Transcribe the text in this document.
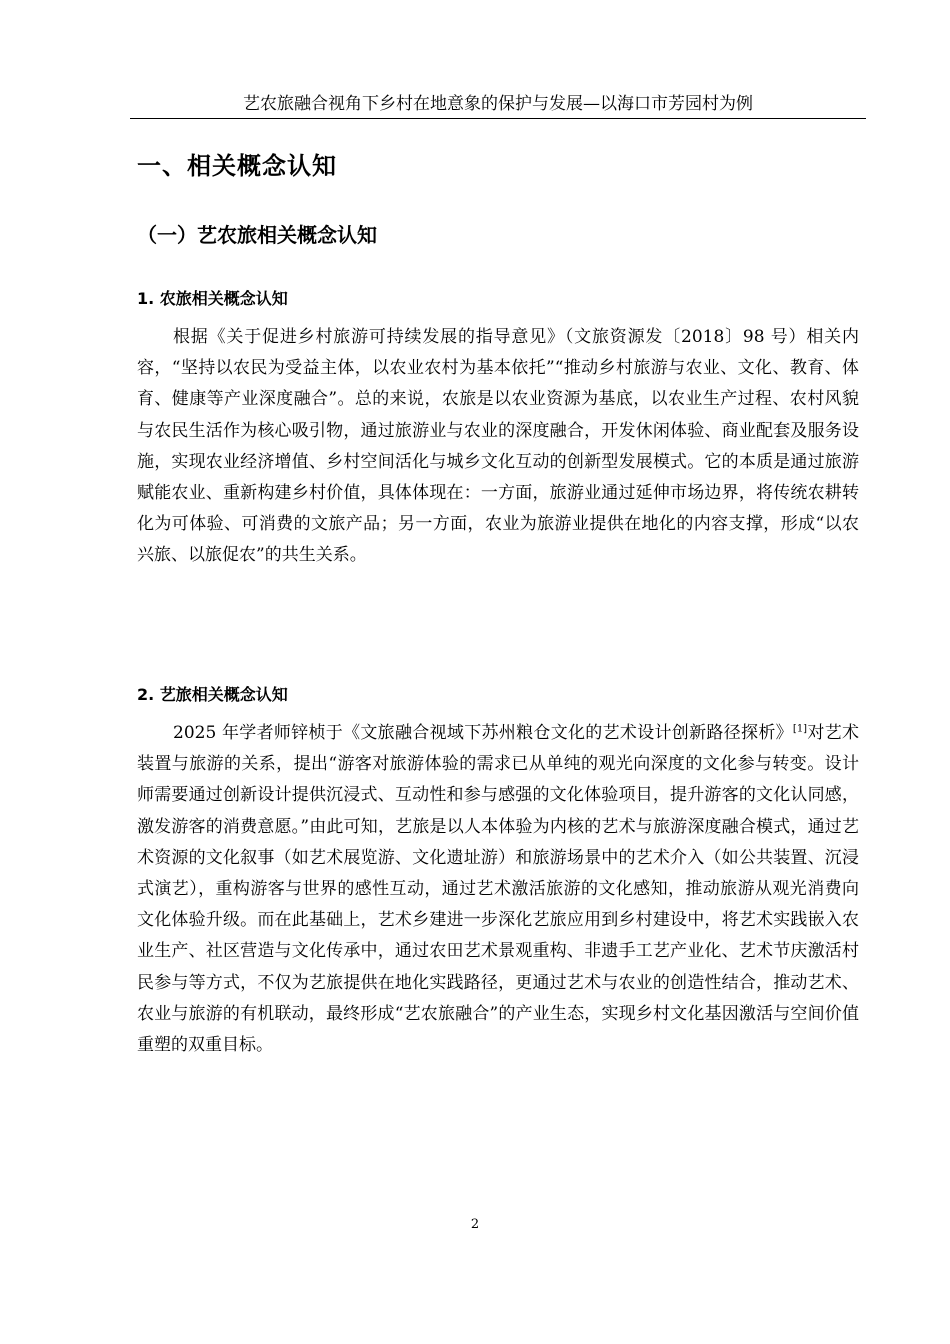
艺农旅融合视角下乡村在地意象的保护与发展—以海口市芳园村为例
一、相关概念认知
（一）艺农旅相关概念认知
1. 农旅相关概念认知

根据《关于促进乡村旅游可持续发展的指导意见》（文旅资源发〔2018〕98 号）相关内容，“坚持以农民为受益主体，以农业农村为基本依托”“推动乡村旅游与农业、文化、教育、体育、健康等产业深度融合”。总的来说，农旅是以农业资源为基底，以农业生产过程、农村风貌与农民生活作为核心吸引物，通过旅游业与农业的深度融合，开发休闲体验、商业配套及服务设施，实现农业经济增值、乡村空间活化与城乡文化互动的创新型发展模式。它的本质是通过旅游赋能农业、重新构建乡村价值，具体体现在：一方面，旅游业通过延伸市场边界，将传统农耕转化为可体验、可消费的文旅产品；另一方面，农业为旅游业提供在地化的内容支撑，形成“以农兴旅、以旅促农”的共生关系。

2. 艺旅相关概念认知

2025 年学者师锌桢于《文旅融合视域下苏州粮仓文化的艺术设计创新路径探析》[1]对艺术装置与旅游的关系，提出“游客对旅游体验的需求已从单纯的观光向深度的文化参与转变。设计师需要通过创新设计提供沉浸式、互动性和参与感强的文化体验项目，提升游客的文化认同感，激发游客的消费意愿。”由此可知，艺旅是以人本体验为内核的艺术与旅游深度融合模式，通过艺术资源的文化叙事（如艺术展览游、文化遗址游）和旅游场景中的艺术介入（如公共装置、沉浸式演艺），重构游客与世界的感性互动，通过艺术激活旅游的文化感知，推动旅游从观光消费向文化体验升级。而在此基础上，艺术乡建进一步深化艺旅应用到乡村建设中，将艺术实践嵌入农业生产、社区营造与文化传承中，通过农田艺术景观重构、非遗手工艺产业化、艺术节庆激活村民参与等方式，不仅为艺旅提供在地化实践路径，更通过艺术与农业的创造性结合，推动艺术、农业与旅游的有机联动，最终形成“艺农旅融合”的产业生态，实现乡村文化基因激活与空间价值重塑的双重目标。

2
